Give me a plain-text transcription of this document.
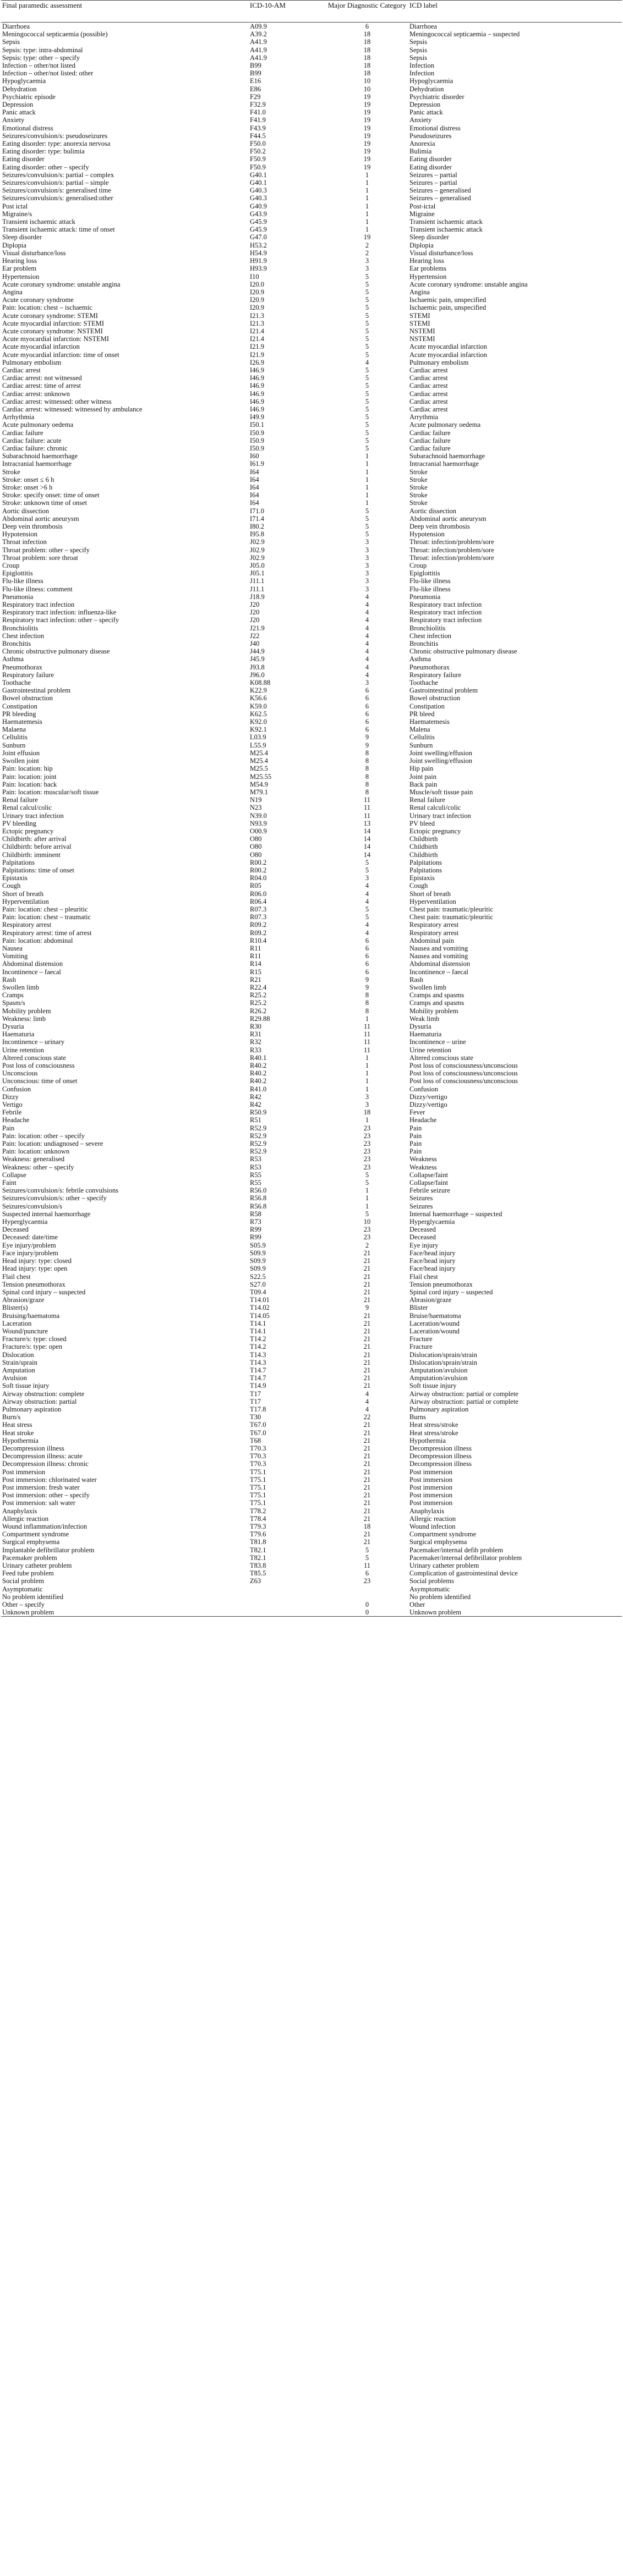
Final paramedic assessment	ICD-10-AM	Major Diagnostic Category	ICD label
Diarrhoea	A09.9	6	Diarrhoea
Meningococcal septicaemia (possible)	A39.2	18	Meningococcal septicaemia – suspected
Sepsis	A41.9	18	Sepsis
Sepsis: type: intra-abdominal	A41.9	18	Sepsis
Sepsis: type: other – specify	A41.9	18	Sepsis
Infection – other/not listed	B99	18	Infection
Infection – other/not listed: other	B99	18	Infection
Hypoglycaemia	E16	10	Hypoglycaemia
Dehydration	E86	10	Dehydration
Psychiatric episode	F29	19	Psychiatric disorder
Depression	F32.9	19	Depression
Panic attack	F41.0	19	Panic attack
Anxiety	F41.9	19	Anxiety
Emotional distress	F43.9	19	Emotional distress
Seizures/convulsion/s: pseudoseizures	F44.5	19	Pseudoseizures
Eating disorder: type: anorexia nervosa	F50.0	19	Anorexia
Eating disorder: type: bulimia	F50.2	19	Bulimia
Eating disorder	F50.9	19	Eating disorder
Eating disorder: other – specify	F50.9	19	Eating disorder
Seizures/convulsion/s: partial – complex	G40.1	1	Seizures – partial
Seizures/convulsion/s: partial – simple	G40.1	1	Seizures – partial
Seizures/convulsion/s: generalised time	G40.3	1	Seizures – generalised
Seizures/convulsion/s: generalised:other	G40.3	1	Seizures – generalised
Post ictal	G40.9	1	Post-ictal
Migraine/s	G43.9	1	Migraine
Transient ischaemic attack	G45.9	1	Transient ischaemic attack
Transient ischaemic attack: time of onset	G45.9	1	Transient ischaemic attack
Sleep disorder	G47.0	19	Sleep disorder
Diplopia	H53.2	2	Diplopia
Visual disturbance/loss	H54.9	2	Visual disturbance/loss
Hearing loss	H91.9	3	Hearing loss
Ear problem	H93.9	3	Ear problems
Hypertension	I10	5	Hypertension
Acute coronary syndrome: unstable angina	I20.0	5	Acute coronary syndrome: unstable angina
Angina	I20.9	5	Angina
Acute coronary syndrome	I20.9	5	Ischaemic pain, unspecified
Pain: location: chest – ischaemic	I20.9	5	Ischaemic pain, unspecified
Acute coronary syndrome: STEMI	I21.3	5	STEMI
Acute myocardial infarction: STEMI	I21.3	5	STEMI
Acute coronary syndrome: NSTEMI	I21.4	5	NSTEMI
Acute myocardial infarction: NSTEMI	I21.4	5	NSTEMI
Acute myocardial infarction	I21.9	5	Acute myocardial infarction
Acute myocardial infarction: time of onset	I21.9	5	Acute myocardial infarction
Pulmonary embolism	I26.9	4	Pulmonary embolism
Cardiac arrest	I46.9	5	Cardiac arrest
Cardiac arrest: not witnessed	I46.9	5	Cardiac arrest
Cardiac arrest: time of arrest	I46.9	5	Cardiac arrest
Cardiac arrest: unknown	I46.9	5	Cardiac arrest
Cardiac arrest: witnessed: other witness	I46.9	5	Cardiac arrest
Cardiac arrest: witnessed: witnessed by ambulance	I46.9	5	Cardiac arrest
Arrhythmia	I49.9	5	Arrythmia
Acute pulmonary oedema	I50.1	5	Acute pulmonary oedema
Cardiac failure	I50.9	5	Cardiac failure
Cardiac failure: acute	I50.9	5	Cardiac failure
Cardiac failure: chronic	I50.9	5	Cardiac failure
Subarachnoid haemorrhage	I60	1	Subarachnoid haemorrhage
Intracranial haemorrhage	I61.9	1	Intracranial haemorrhage
Stroke	I64	1	Stroke
Stroke: onset ≤ 6 h	I64	1	Stroke
Stroke: onset >6 h	I64	1	Stroke
Stroke: specify onset: time of onset	I64	1	Stroke
Stroke: unknown time of onset	I64	1	Stroke
Aortic dissection	I71.0	5	Aortic dissection
Abdominal aortic aneurysm	I71.4	5	Abdominal aortic aneurysm
Deep vein thrombosis	I80.2	5	Deep vein thrombosis
Hypotension	I95.8	5	Hypotension
Throat infection	J02.9	3	Throat: infection/problem/sore
Throat problem: other – specify	J02.9	3	Throat: infection/problem/sore
Throat problem: sore throat	J02.9	3	Throat: infection/problem/sore
Croup	J05.0	3	Croup
Epiglottitis	J05.1	3	Epiglottitis
Flu-like illness	J11.1	3	Flu-like illness
Flu-like illness: comment	J11.1	3	Flu-like illness
Pneumonia	J18.9	4	Pneumonia
Respiratory tract infection	J20	4	Respiratory tract infection
Respiratory tract infection: influenza-like	J20	4	Respiratory tract infection
Respiratory tract infection: other – specify	J20	4	Respiratory tract infection
Bronchiolitis	J21.9	4	Bronchiolitis
Chest infection	J22	4	Chest infection
Bronchitis	J40	4	Bronchitis
Chronic obstructive pulmonary disease	J44.9	4	Chronic obstructive pulmonary disease
Asthma	J45.9	4	Asthma
Pneumothorax	J93.8	4	Pneumothorax
Respiratory failure	J96.0	4	Respiratory failure
Toothache	K08.88	3	Toothache
Gastrointestinal problem	K22.9	6	Gastrointestinal problem
Bowel obstruction	K56.6	6	Bowel obstruction
Constipation	K59.0	6	Constipation
PR bleeding	K62.5	6	PR bleed
Haematemesis	K92.0	6	Haematemesis
Malaena	K92.1	6	Malena
Cellulitis	L03.9	9	Cellulitis
Sunburn	L55.9	9	Sunburn
Joint effusion	M25.4	8	Joint swelling/effusion
Swollen joint	M25.4	8	Joint swelling/effusion
Pain: location: hip	M25.5	8	Hip pain
Pain: location: joint	M25.55	8	Joint pain
Pain: location: back	M54.9	8	Back pain
Pain: location: muscular/soft tissue	M79.1	8	Muscle/soft tissue pain
Renal failure	N19	11	Renal failure
Renal calcul/colic	N23	11	Renal calculi/colic
Urinary tract infection	N39.0	11	Urinary tract infection
PV bleeding	N93.9	13	PV bleed
Ectopic pregnancy	O00.9	14	Ectopic pregnancy
Childbirth: after arrival	O80	14	Childbirth
Childbirth: before arrival	O80	14	Childbirth
Childbirth: imminent	O80	14	Childbirth
Palpitations	R00.2	5	Palpitations
Palpitations: time of onset	R00.2	5	Palpitations
Epistaxis	R04.0	3	Epistaxis
Cough	R05	4	Cough
Short of breath	R06.0	4	Short of breath
Hyperventilation	R06.4	4	Hyperventilation
Pain: location: chest – pleuritic	R07.3	5	Chest pain: traumatic/pleuritic
Pain: location: chest – traumatic	R07.3	5	Chest pain: traumatic/pleuritic
Respiratory arrest	R09.2	4	Respiratory arrest
Respiratory arrest: time of arrest	R09.2	4	Respiratory arrest
Pain: location: abdominal	R10.4	6	Abdominal pain
Nausea	R11	6	Nausea and vomiting
Vomiting	R11	6	Nausea and vomiting
Abdominal distension	R14	6	Abdominal distension
Incontinence – faecal	R15	6	Incontinence – faecal
Rash	R21	9	Rash
Swollen limb	R22.4	9	Swollen limb
Cramps	R25.2	8	Cramps and spasms
Spasm/s	R25.2	8	Cramps and spasms
Mobility problem	R26.2	8	Mobility problem
Weakness: limb	R29.88	1	Weak limb
Dysuria	R30	11	Dysuria
Haematuria	R31	11	Haematuria
Incontinence – urinary	R32	11	Incontinence – urine
Urine retention	R33	11	Urine retention
Altered conscious state	R40.1	1	Altered conscious state
Post loss of consciousness	R40.2	1	Post loss of consciousness/unconscious
Unconscious	R40.2	1	Post loss of consciousness/unconscious
Unconscious: time of onset	R40.2	1	Post loss of consciousness/unconscious
Confusion	R41.0	1	Confusion
Dizzy	R42	3	Dizzy/vertigo
Vertigo	R42	3	Dizzy/vertigo
Febrile	R50.9	18	Fever
Headache	R51	1	Headache
Pain	R52.9	23	Pain
Pain: location: other – specify	R52.9	23	Pain
Pain: location: undiagnosed – severe	R52.9	23	Pain
Pain: location: unknown	R52.9	23	Pain
Weakness: generalised	R53	23	Weakness
Weakness: other – specify	R53	23	Weakness
Collapse	R55	5	Collapse/faint
Faint	R55	5	Collapse/faint
Seizures/convulsion/s: febrile convulsions	R56.0	1	Febrile seizure
Seizures/convulsion/s: other – specify	R56.8	1	Seizures
Seizures/convulsion/s	R56.8	1	Seizures
Suspected internal haemorrhage	R58	5	Internal haemorrhage – suspected
Hyperglycaemia	R73	10	Hyperglycaemia
Deceased	R99	23	Deceased
Deceased: date/time	R99	23	Deceased
Eye injury/problem	S05.9	2	Eye injury
Face injury/problem	S09.9	21	Face/head injury
Head injury: type: closed	S09.9	21	Face/head injury
Head injury: type: open	S09.9	21	Face/head injury
Flail chest	S22.5	21	Flail chest
Tension pneumothorax	S27.0	21	Tension pneumothorax
Spinal cord injury – suspected	T09.4	21	Spinal cord injury – suspected
Abrasion/graze	T14.01	21	Abrasion/graze
Blister(s)	T14.02	9	Blister
Bruising/haematoma	T14.05	21	Bruise/haematoma
Laceration	T14.1	21	Laceration/wound
Wound/puncture	T14.1	21	Laceration/wound
Fracture/s: type: closed	T14.2	21	Fracture
Fracture/s: type: open	T14.2	21	Fracture
Dislocation	T14.3	21	Dislocation/sprain/strain
Strain/sprain	T14.3	21	Dislocation/sprain/strain
Amputation	T14.7	21	Amputation/avulsion
Avulsion	T14.7	21	Amputation/avulsion
Soft tissue injury	T14.9	21	Soft tissue injury
Airway obstruction: complete	T17	4	Airway obstruction: partial or complete
Airway obstruction: partial	T17	4	Airway obstruction: partial or complete
Pulmonary aspiration	T17.8	4	Pulmonary aspiration
Burn/s	T30	22	Burns
Heat stress	T67.0	21	Heat stress/stroke
Heat stroke	T67.0	21	Heat stress/stroke
Hypothermia	T68	21	Hypothermia
Decompression illness	T70.3	21	Decompression illness
Decompression illness: acute	T70.3	21	Decompression illness
Decompression illness: chronic	T70.3	21	Decompression illness
Post immersion	T75.1	21	Post immersion
Post immersion: chlorinated water	T75.1	21	Post immersion
Post immersion: fresh water	T75.1	21	Post immersion
Post immersion: other – specify	T75.1	21	Post immersion
Post immersion: salt water	T75.1	21	Post immersion
Anaphylaxis	T78.2	21	Anaphylaxis
Allergic reaction	T78.4	21	Allergic reaction
Wound inflammation/infection	T79.3	18	Wound infection
Compartment syndrome	T79.6	21	Compartment syndrome
Surgical emphysema	T81.8	21	Surgical emphysema
Implantable defibrillator problem	T82.1	5	Pacemaker/internal defib problem
Pacemaker problem	T82.1	5	Pacemaker/internal defibrillator problem
Urinary catheter problem	T83.8	11	Urinary catheter problem
Feed tube problem	T85.5	6	Complication of gastrointestinal device
Social problem	Z63	23	Social problems
Asymptomatic			Asymptomatic
No problem identified			No problem identified
Other – specify		0	Other
Unknown problem		0	Unknown problem
